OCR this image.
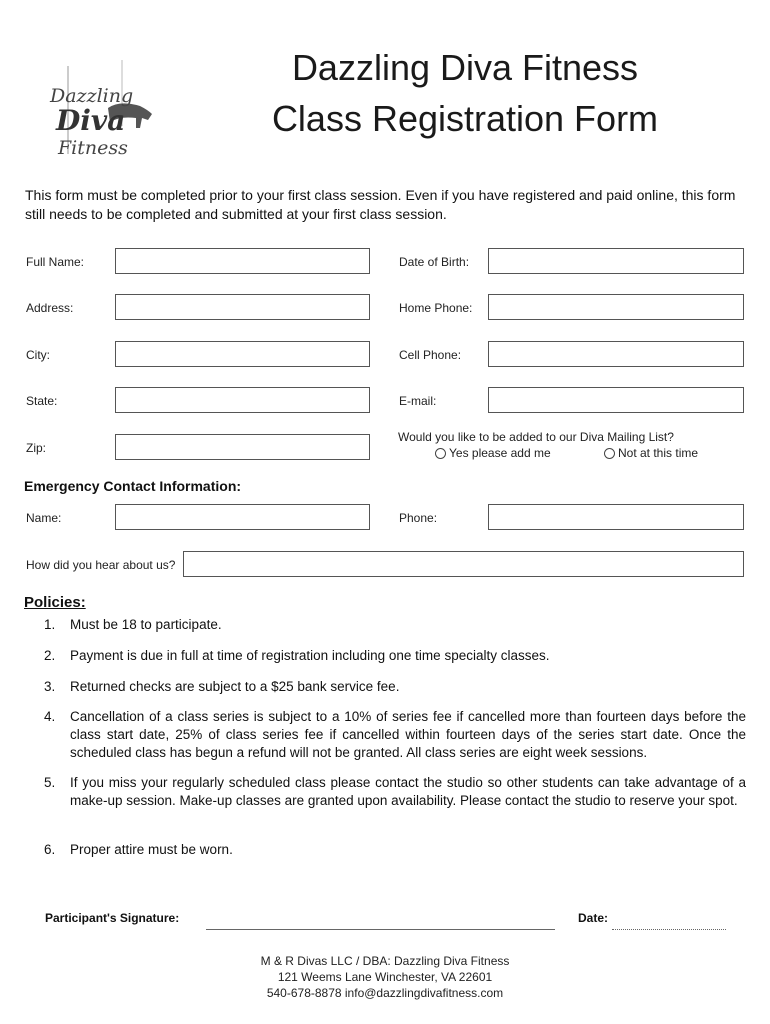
Dazzling
Diva
Fitness
Dazzling Diva Fitness
Class Registration Form
This form must be completed prior to your first class session. Even if you have registered and paid online, this form still needs to be completed and submitted at your first class session.
Full Name:	Date of Birth:
Address:	Home Phone:
City:	Cell Phone:
State:	E-mail:
Zip:
Would you like to be added to our Diva Mailing List?
Yes please add me	Not at this time
Emergency Contact Information:
Name:	Phone:
How did you hear about us?
Policies:
1.	Must be 18 to participate.
2.	Payment is due in full at time of registration including one time specialty classes.
3.	Returned checks are subject to a $25 bank service fee.
4.	Cancellation of a class series is subject to a 10% of series fee if cancelled more than fourteen days before the class start date, 25% of class series fee if cancelled within fourteen days of the series start date. Once the scheduled class has begun a refund will not be granted. All class series are eight week sessions.
5.	If you miss your regularly scheduled class please contact the studio so other students can take advantage of a make-up session. Make-up classes are granted upon availability. Please contact the studio to reserve your spot.
6.	Proper attire must be worn.
Participant's Signature:	Date:
M & R Divas LLC / DBA: Dazzling Diva Fitness
121 Weems Lane Winchester, VA 22601
540-678-8878 info@dazzlingdivafitness.com
